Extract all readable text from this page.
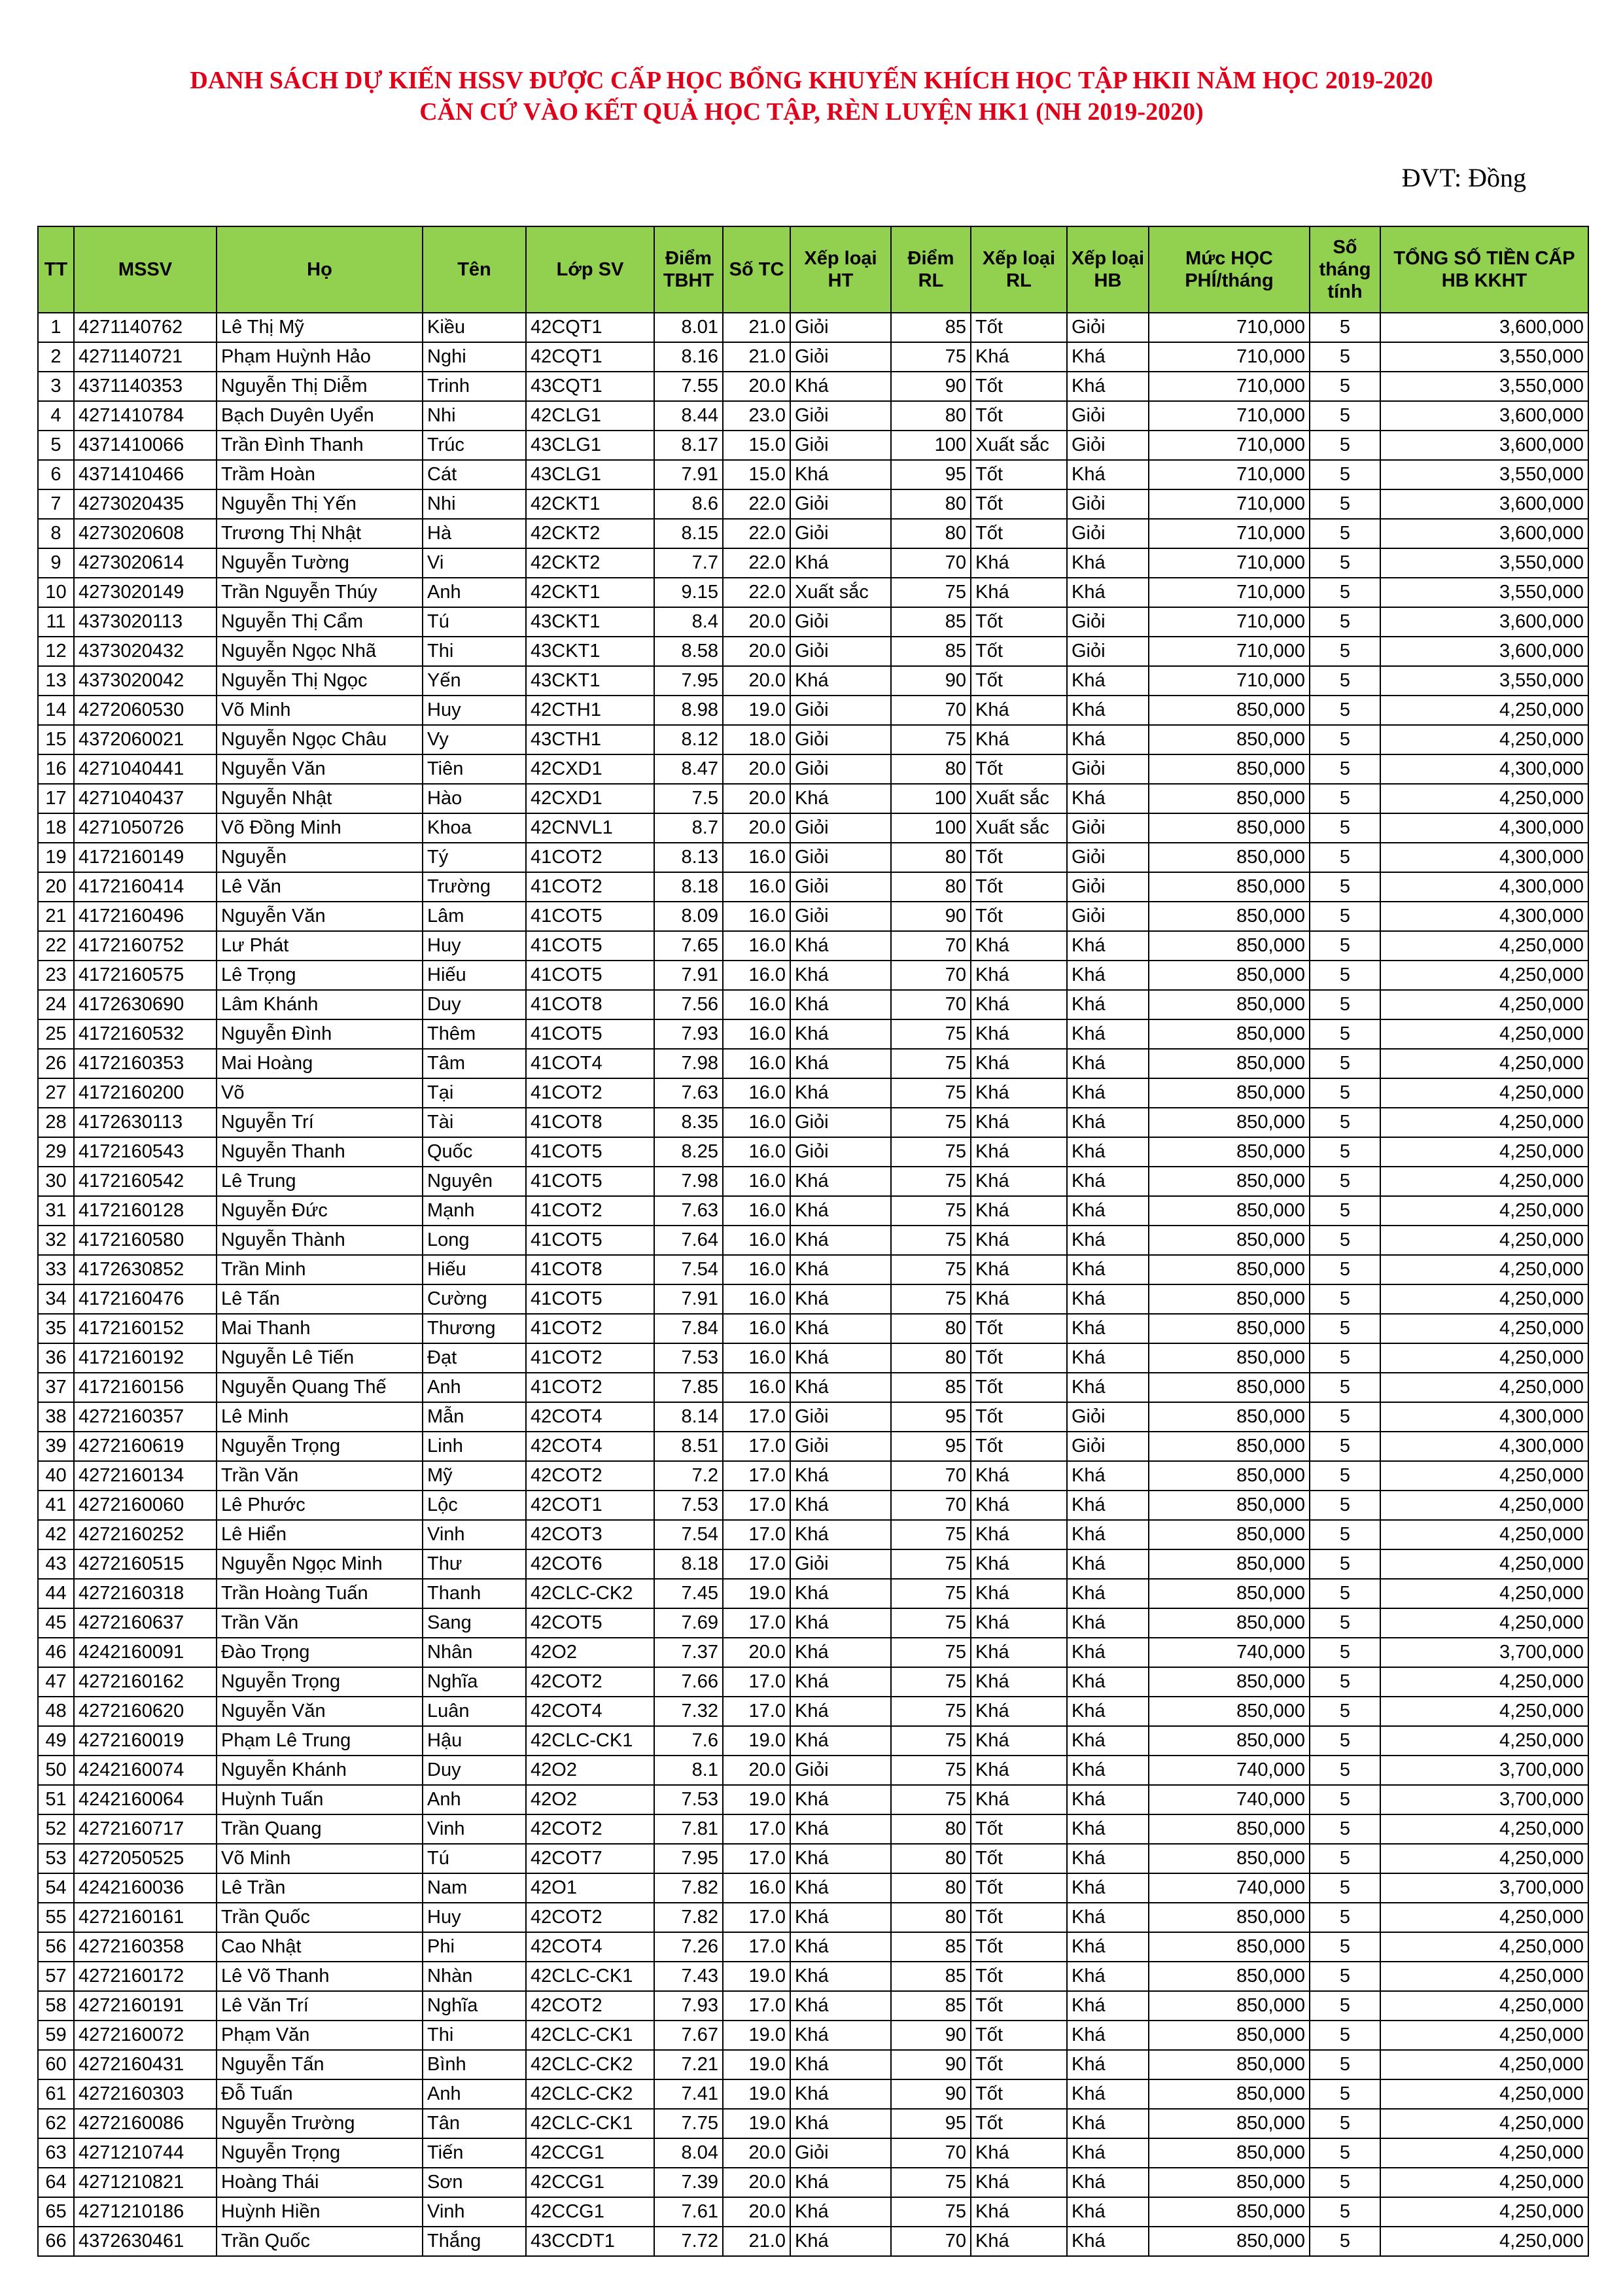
DANH SÁCH DỰ KIẾN HSSV ĐƯỢC CẤP HỌC BỔNG KHUYẾN KHÍCH HỌC TẬP HKII NĂM HỌC 2019-2020
CĂN CỨ VÀO KẾT QUẢ HỌC TẬP, RÈN LUYỆN HK1 (NH 2019-2020)
ĐVT: Đồng
TT	MSSV	Họ	Tên	Lớp SV	Điểm TBHT	Số TC	Xếp loại HT	Điểm RL	Xếp loại RL	Xếp loại HB	Mức HỌC PHÍ/tháng	Số tháng tính	TỔNG SỐ TIỀN CẤP HB KKHT
1	4271140762	Lê Thị Mỹ	Kiều	42CQT1	8.01	21.0	Giỏi	85	Tốt	Giỏi	710,000	5	3,600,000
2	4271140721	Phạm Huỳnh Hảo	Nghi	42CQT1	8.16	21.0	Giỏi	75	Khá	Khá	710,000	5	3,550,000
3	4371140353	Nguyễn Thị Diễm	Trinh	43CQT1	7.55	20.0	Khá	90	Tốt	Khá	710,000	5	3,550,000
4	4271410784	Bạch Duyên Uyển	Nhi	42CLG1	8.44	23.0	Giỏi	80	Tốt	Giỏi	710,000	5	3,600,000
5	4371410066	Trần Đình Thanh	Trúc	43CLG1	8.17	15.0	Giỏi	100	Xuất sắc	Giỏi	710,000	5	3,600,000
6	4371410466	Trầm Hoàn	Cát	43CLG1	7.91	15.0	Khá	95	Tốt	Khá	710,000	5	3,550,000
7	4273020435	Nguyễn Thị Yến	Nhi	42CKT1	8.6	22.0	Giỏi	80	Tốt	Giỏi	710,000	5	3,600,000
8	4273020608	Trương Thị Nhật	Hà	42CKT2	8.15	22.0	Giỏi	80	Tốt	Giỏi	710,000	5	3,600,000
9	4273020614	Nguyễn Tường	Vi	42CKT2	7.7	22.0	Khá	70	Khá	Khá	710,000	5	3,550,000
10	4273020149	Trần Nguyễn Thúy	Anh	42CKT1	9.15	22.0	Xuất sắc	75	Khá	Khá	710,000	5	3,550,000
11	4373020113	Nguyễn Thị Cẩm	Tú	43CKT1	8.4	20.0	Giỏi	85	Tốt	Giỏi	710,000	5	3,600,000
12	4373020432	Nguyễn Ngọc Nhã	Thi	43CKT1	8.58	20.0	Giỏi	85	Tốt	Giỏi	710,000	5	3,600,000
13	4373020042	Nguyễn Thị Ngọc	Yến	43CKT1	7.95	20.0	Khá	90	Tốt	Khá	710,000	5	3,550,000
14	4272060530	Võ Minh	Huy	42CTH1	8.98	19.0	Giỏi	70	Khá	Khá	850,000	5	4,250,000
15	4372060021	Nguyễn Ngọc Châu	Vy	43CTH1	8.12	18.0	Giỏi	75	Khá	Khá	850,000	5	4,250,000
16	4271040441	Nguyễn Văn	Tiên	42CXD1	8.47	20.0	Giỏi	80	Tốt	Giỏi	850,000	5	4,300,000
17	4271040437	Nguyễn Nhật	Hào	42CXD1	7.5	20.0	Khá	100	Xuất sắc	Khá	850,000	5	4,250,000
18	4271050726	Võ Đồng Minh	Khoa	42CNVL1	8.7	20.0	Giỏi	100	Xuất sắc	Giỏi	850,000	5	4,300,000
19	4172160149	Nguyễn	Tý	41COT2	8.13	16.0	Giỏi	80	Tốt	Giỏi	850,000	5	4,300,000
20	4172160414	Lê Văn	Trường	41COT2	8.18	16.0	Giỏi	80	Tốt	Giỏi	850,000	5	4,300,000
21	4172160496	Nguyễn Văn	Lâm	41COT5	8.09	16.0	Giỏi	90	Tốt	Giỏi	850,000	5	4,300,000
22	4172160752	Lư Phát	Huy	41COT5	7.65	16.0	Khá	70	Khá	Khá	850,000	5	4,250,000
23	4172160575	Lê Trọng	Hiếu	41COT5	7.91	16.0	Khá	70	Khá	Khá	850,000	5	4,250,000
24	4172630690	Lâm Khánh	Duy	41COT8	7.56	16.0	Khá	70	Khá	Khá	850,000	5	4,250,000
25	4172160532	Nguyễn Đình	Thêm	41COT5	7.93	16.0	Khá	75	Khá	Khá	850,000	5	4,250,000
26	4172160353	Mai Hoàng	Tâm	41COT4	7.98	16.0	Khá	75	Khá	Khá	850,000	5	4,250,000
27	4172160200	Võ	Tại	41COT2	7.63	16.0	Khá	75	Khá	Khá	850,000	5	4,250,000
28	4172630113	Nguyễn Trí	Tài	41COT8	8.35	16.0	Giỏi	75	Khá	Khá	850,000	5	4,250,000
29	4172160543	Nguyễn Thanh	Quốc	41COT5	8.25	16.0	Giỏi	75	Khá	Khá	850,000	5	4,250,000
30	4172160542	Lê Trung	Nguyên	41COT5	7.98	16.0	Khá	75	Khá	Khá	850,000	5	4,250,000
31	4172160128	Nguyễn Đức	Mạnh	41COT2	7.63	16.0	Khá	75	Khá	Khá	850,000	5	4,250,000
32	4172160580	Nguyễn Thành	Long	41COT5	7.64	16.0	Khá	75	Khá	Khá	850,000	5	4,250,000
33	4172630852	Trần Minh	Hiếu	41COT8	7.54	16.0	Khá	75	Khá	Khá	850,000	5	4,250,000
34	4172160476	Lê Tấn	Cường	41COT5	7.91	16.0	Khá	75	Khá	Khá	850,000	5	4,250,000
35	4172160152	Mai Thanh	Thương	41COT2	7.84	16.0	Khá	80	Tốt	Khá	850,000	5	4,250,000
36	4172160192	Nguyễn Lê Tiến	Đạt	41COT2	7.53	16.0	Khá	80	Tốt	Khá	850,000	5	4,250,000
37	4172160156	Nguyễn Quang Thế	Anh	41COT2	7.85	16.0	Khá	85	Tốt	Khá	850,000	5	4,250,000
38	4272160357	Lê Minh	Mẫn	42COT4	8.14	17.0	Giỏi	95	Tốt	Giỏi	850,000	5	4,300,000
39	4272160619	Nguyễn Trọng	Linh	42COT4	8.51	17.0	Giỏi	95	Tốt	Giỏi	850,000	5	4,300,000
40	4272160134	Trần Văn	Mỹ	42COT2	7.2	17.0	Khá	70	Khá	Khá	850,000	5	4,250,000
41	4272160060	Lê Phước	Lộc	42COT1	7.53	17.0	Khá	70	Khá	Khá	850,000	5	4,250,000
42	4272160252	Lê Hiển	Vinh	42COT3	7.54	17.0	Khá	75	Khá	Khá	850,000	5	4,250,000
43	4272160515	Nguyễn Ngọc Minh	Thư	42COT6	8.18	17.0	Giỏi	75	Khá	Khá	850,000	5	4,250,000
44	4272160318	Trần Hoàng Tuấn	Thanh	42CLC-CK2	7.45	19.0	Khá	75	Khá	Khá	850,000	5	4,250,000
45	4272160637	Trần Văn	Sang	42COT5	7.69	17.0	Khá	75	Khá	Khá	850,000	5	4,250,000
46	4242160091	Đào Trọng	Nhân	42O2	7.37	20.0	Khá	75	Khá	Khá	740,000	5	3,700,000
47	4272160162	Nguyễn Trọng	Nghĩa	42COT2	7.66	17.0	Khá	75	Khá	Khá	850,000	5	4,250,000
48	4272160620	Nguyễn Văn	Luân	42COT4	7.32	17.0	Khá	75	Khá	Khá	850,000	5	4,250,000
49	4272160019	Phạm Lê Trung	Hậu	42CLC-CK1	7.6	19.0	Khá	75	Khá	Khá	850,000	5	4,250,000
50	4242160074	Nguyễn Khánh	Duy	42O2	8.1	20.0	Giỏi	75	Khá	Khá	740,000	5	3,700,000
51	4242160064	Huỳnh Tuấn	Anh	42O2	7.53	19.0	Khá	75	Khá	Khá	740,000	5	3,700,000
52	4272160717	Trần Quang	Vinh	42COT2	7.81	17.0	Khá	80	Tốt	Khá	850,000	5	4,250,000
53	4272050525	Võ Minh	Tú	42COT7	7.95	17.0	Khá	80	Tốt	Khá	850,000	5	4,250,000
54	4242160036	Lê Trần	Nam	42O1	7.82	16.0	Khá	80	Tốt	Khá	740,000	5	3,700,000
55	4272160161	Trần Quốc	Huy	42COT2	7.82	17.0	Khá	80	Tốt	Khá	850,000	5	4,250,000
56	4272160358	Cao Nhật	Phi	42COT4	7.26	17.0	Khá	85	Tốt	Khá	850,000	5	4,250,000
57	4272160172	Lê Võ Thanh	Nhàn	42CLC-CK1	7.43	19.0	Khá	85	Tốt	Khá	850,000	5	4,250,000
58	4272160191	Lê Văn Trí	Nghĩa	42COT2	7.93	17.0	Khá	85	Tốt	Khá	850,000	5	4,250,000
59	4272160072	Phạm Văn	Thi	42CLC-CK1	7.67	19.0	Khá	90	Tốt	Khá	850,000	5	4,250,000
60	4272160431	Nguyễn Tấn	Bình	42CLC-CK2	7.21	19.0	Khá	90	Tốt	Khá	850,000	5	4,250,000
61	4272160303	Đỗ Tuấn	Anh	42CLC-CK2	7.41	19.0	Khá	90	Tốt	Khá	850,000	5	4,250,000
62	4272160086	Nguyễn Trường	Tân	42CLC-CK1	7.75	19.0	Khá	95	Tốt	Khá	850,000	5	4,250,000
63	4271210744	Nguyễn Trọng	Tiến	42CCG1	8.04	20.0	Giỏi	70	Khá	Khá	850,000	5	4,250,000
64	4271210821	Hoàng Thái	Sơn	42CCG1	7.39	20.0	Khá	75	Khá	Khá	850,000	5	4,250,000
65	4271210186	Huỳnh Hiền	Vinh	42CCG1	7.61	20.0	Khá	75	Khá	Khá	850,000	5	4,250,000
66	4372630461	Trần Quốc	Thắng	43CCDT1	7.72	21.0	Khá	70	Khá	Khá	850,000	5	4,250,000
